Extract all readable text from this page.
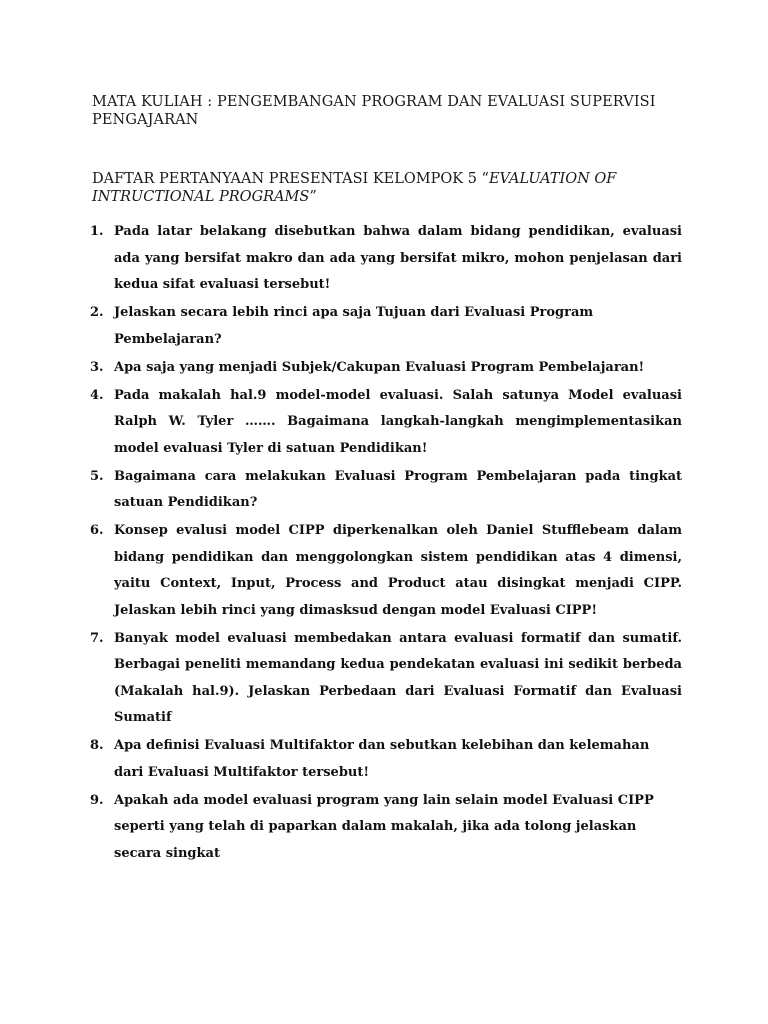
MATA KULIAH : PENGEMBANGAN PROGRAM DAN EVALUASI SUPERVISI PENGAJARAN
DAFTAR PERTANYAAN PRESENTASI KELOMPOK 5 “EVALUATION OF INTRUCTIONAL PROGRAMS”
1. Pada latar belakang disebutkan bahwa dalam bidang pendidikan, evaluasi ada yang bersifat makro dan ada yang bersifat mikro, mohon penjelasan dari kedua sifat evaluasi tersebut!
2. Jelaskan secara lebih rinci apa saja Tujuan dari Evaluasi Program Pembelajaran?
3. Apa saja yang menjadi Subjek/Cakupan Evaluasi Program Pembelajaran!
4. Pada makalah hal.9 model-model evaluasi. Salah satunya Model evaluasi Ralph W. Tyler ……. Bagaimana langkah-langkah mengimplementasikan model evaluasi Tyler di satuan Pendidikan!
5. Bagaimana cara melakukan Evaluasi Program Pembelajaran pada tingkat satuan Pendidikan?
6. Konsep evalusi model CIPP diperkenalkan oleh Daniel Stufflebeam dalam bidang pendidikan dan menggolongkan sistem pendidikan atas 4 dimensi, yaitu Context, Input, Process and Product atau disingkat menjadi CIPP. Jelaskan lebih rinci yang dimasksud dengan model Evaluasi CIPP!
7. Banyak model evaluasi membedakan antara evaluasi formatif dan sumatif. Berbagai peneliti memandang kedua pendekatan evaluasi ini sedikit berbeda (Makalah hal.9). Jelaskan Perbedaan dari Evaluasi Formatif dan Evaluasi Sumatif
8. Apa definisi Evaluasi Multifaktor dan sebutkan kelebihan dan kelemahan dari Evaluasi Multifaktor tersebut!
9. Apakah ada model evaluasi program yang lain selain model Evaluasi CIPP seperti yang telah di paparkan dalam makalah, jika ada tolong jelaskan secara singkat
